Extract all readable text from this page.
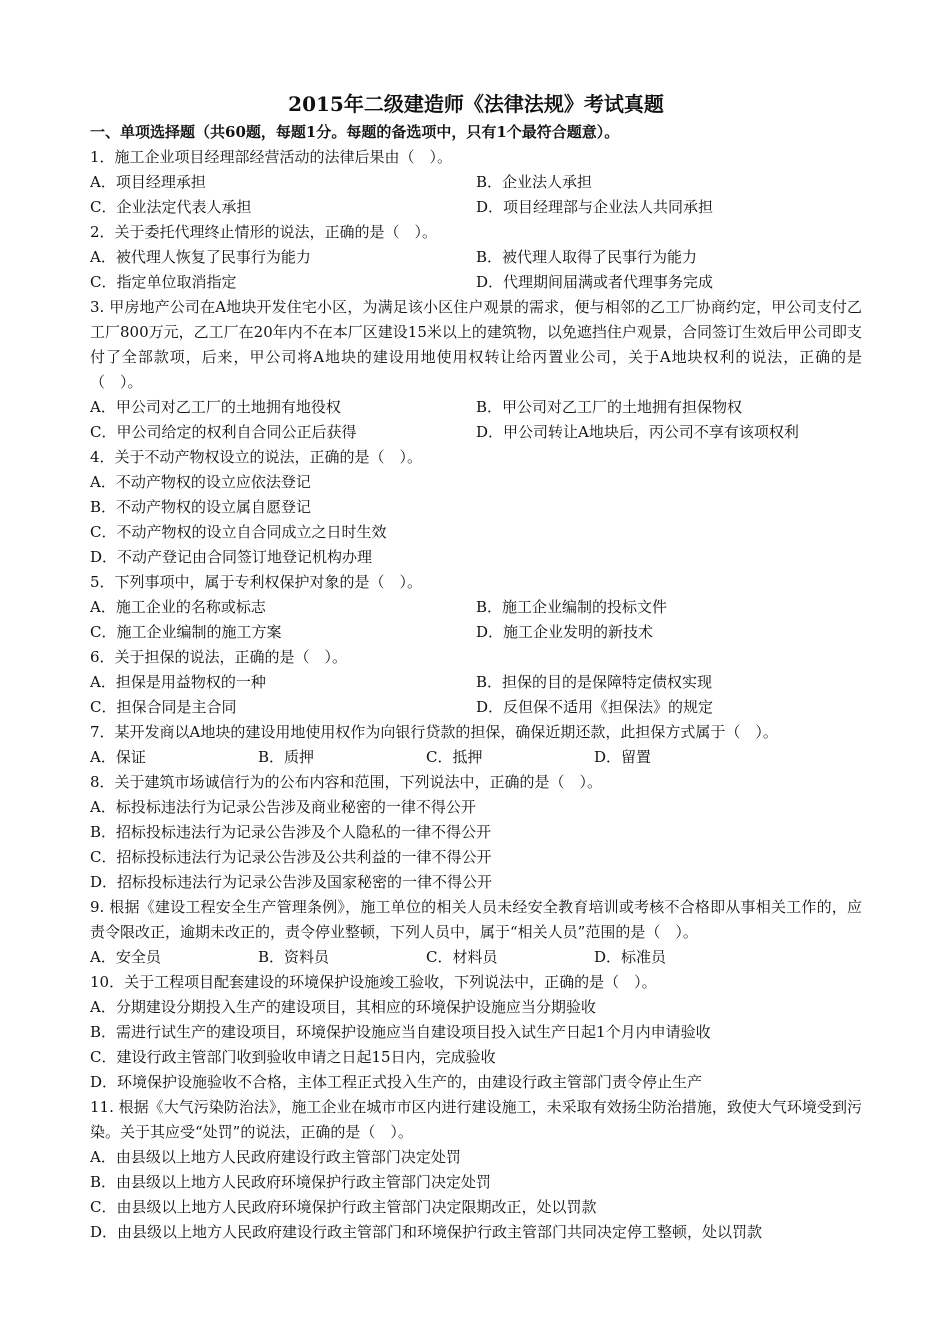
2015年二级建造师《法律法规》考试真题
一、单项选择题（共60题，每题1分。每题的备选项中，只有1个最符合题意）。
1．施工企业项目经理部经营活动的法律后果由（　）。
A．项目经理承担	B．企业法人承担
C．企业法定代表人承担	D．项目经理部与企业法人共同承担
2．关于委托代理终止情形的说法，正确的是（　）。
A．被代理人恢复了民事行为能力	B．被代理人取得了民事行为能力
C．指定单位取消指定	D．代理期间届满或者代理事务完成
3. 甲房地产公司在A地块开发住宅小区，为满足该小区住户观景的需求，便与相邻的乙工厂协商约定，甲公司支付乙工厂800万元，乙工厂在20年内不在本厂区建设15米以上的建筑物，以免遮挡住户观景，合同签订生效后甲公司即支付了全部款项，后来，甲公司将A地块的建设用地使用权转让给丙置业公司，关于A地块权利的说法，正确的是（　）。
A．甲公司对乙工厂的土地拥有地役权	B．甲公司对乙工厂的土地拥有担保物权
C．甲公司给定的权利自合同公正后获得	D．甲公司转让A地块后，丙公司不享有该项权利
4．关于不动产物权设立的说法，正确的是（　）。
A．不动产物权的设立应依法登记
B．不动产物权的设立属自愿登记
C．不动产物权的设立自合同成立之日时生效
D．不动产登记由合同签订地登记机构办理
5．下列事项中，属于专利权保护对象的是（　）。
A．施工企业的名称或标志	B．施工企业编制的投标文件
C．施工企业编制的施工方案	D．施工企业发明的新技术
6．关于担保的说法，正确的是（　）。
A．担保是用益物权的一种	B．担保的目的是保障特定债权实现
C．担保合同是主合同	D．反但保不适用《担保法》的规定
7．某开发商以A地块的建设用地使用权作为向银行贷款的担保，确保近期还款，此担保方式属于（　）。
A．保证	B．质押	C．抵押	D．留置
8．关于建筑市场诚信行为的公布内容和范围，下列说法中，正确的是（　）。
A．标投标违法行为记录公告涉及商业秘密的一律不得公开
B．招标投标违法行为记录公告涉及个人隐私的一律不得公开
C．招标投标违法行为记录公告涉及公共利益的一律不得公开
D．招标投标违法行为记录公告涉及国家秘密的一律不得公开
9. 根据《建设工程安全生产管理条例》，施工单位的相关人员未经安全教育培训或考核不合格即从事相关工作的，应责令限改正，逾期未改正的，责令停业整顿，下列人员中，属于“相关人员”范围的是（　）。
A．安全员	B．资料员	C．材料员	D．标准员
10．关于工程项目配套建设的环境保护设施竣工验收，下列说法中，正确的是（　）。
A．分期建设分期投入生产的建设项目，其相应的环境保护设施应当分期验收
B．需进行试生产的建设项目，环境保护设施应当自建设项目投入试生产日起1个月内申请验收
C．建设行政主管部门收到验收申请之日起15日内，完成验收
D．环境保护设施验收不合格，主体工程正式投入生产的，由建设行政主管部门责令停止生产
11. 根据《大气污染防治法》，施工企业在城市市区内进行建设施工，未采取有效扬尘防治措施，致使大气环境受到污染。关于其应受“处罚”的说法，正确的是（　）。
A．由县级以上地方人民政府建设行政主管部门决定处罚
B．由县级以上地方人民政府环境保护行政主管部门决定处罚
C．由县级以上地方人民政府环境保护行政主管部门决定限期改正，处以罚款
D．由县级以上地方人民政府建设行政主管部门和环境保护行政主管部门共同决定停工整顿，处以罚款
